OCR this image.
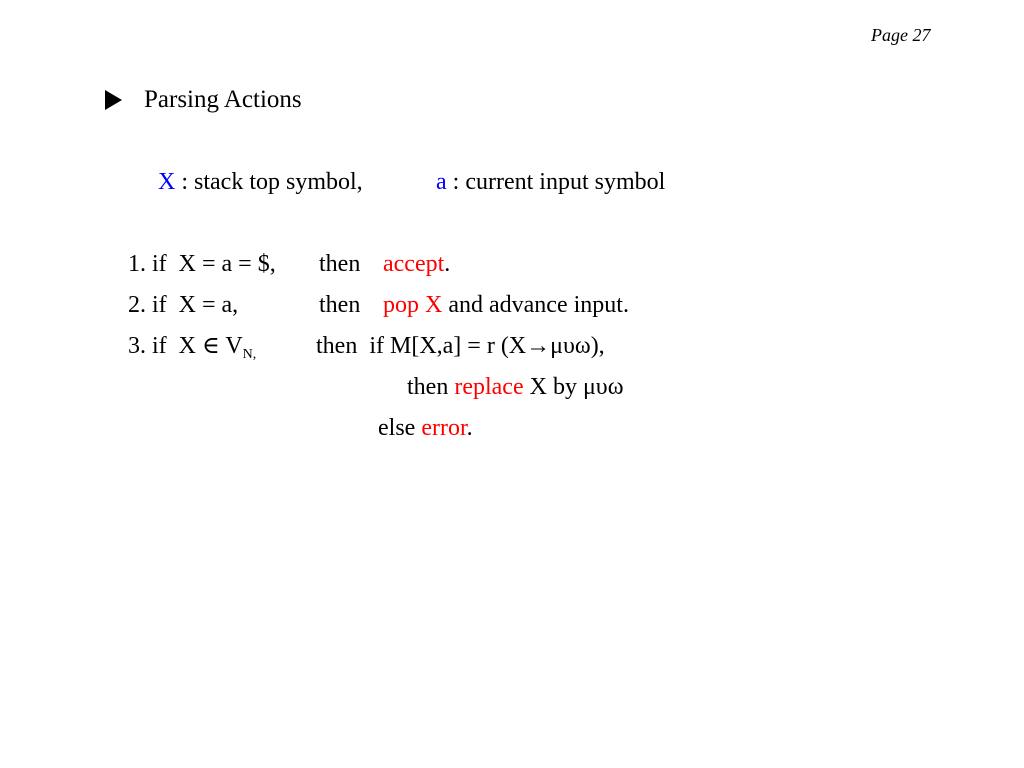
Page 27
Parsing Actions
X : stack top symbol,	a : current input symbol
1. if  X = a = $, then accept.
2. if  X = a,	then pop X and advance input.
3. if  X ∈ $V_{N,}$ then  if M[X,a] = r (X→μυω),
then replace X by μυω
else error.
